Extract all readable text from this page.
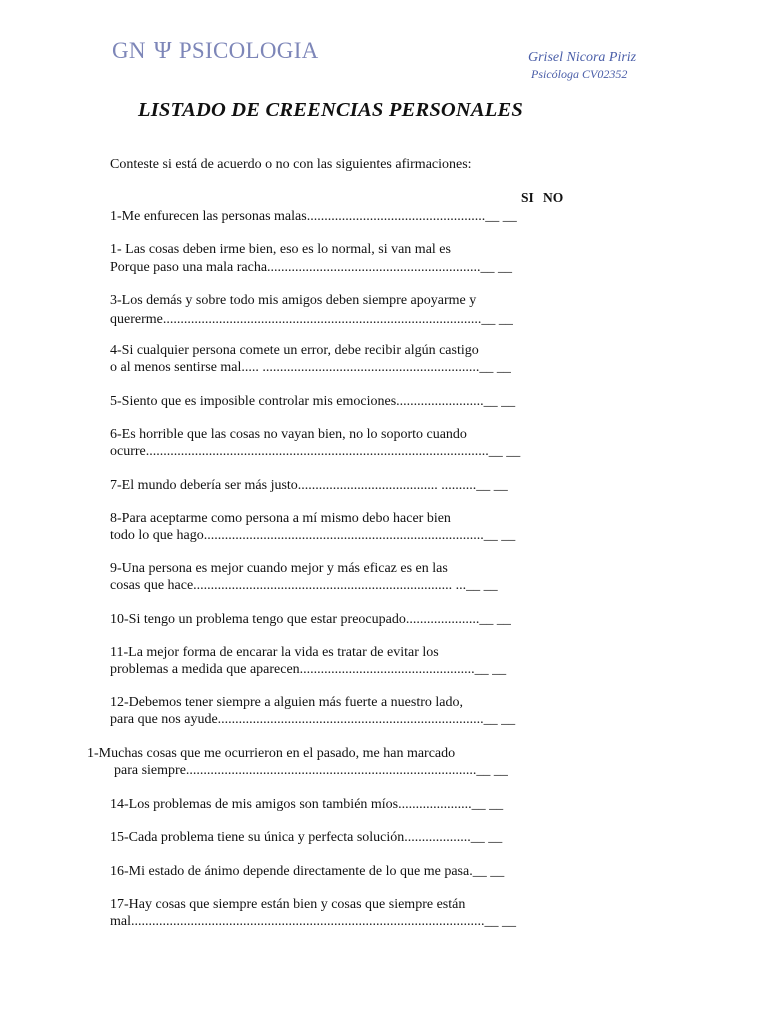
GN Ψ PSICOLOGIA	Grisel Nicora Piriz
Psicóloga CV02352
LISTADO DE CREENCIAS PERSONALES
Conteste si está de acuerdo o no con las siguientes afirmaciones:
SI NO
1-Me enfurecen las personas malas...................................................__ __
1- Las cosas deben irme bien, eso es lo normal, si van mal es
Porque paso una mala racha.............................................................__ __
3-Los demás y sobre todo mis amigos deben siempre apoyarme y
quererme...........................................................................................__ __
4-Si cualquier persona comete un error, debe recibir algún castigo
o al menos sentirse mal..... ..............................................................__ __
5-Siento que es imposible controlar mis emociones.........................__ __
6-Es horrible que las cosas no vayan bien, no lo soporto cuando
ocurre..................................................................................................__ __
7-El mundo debería ser más justo........................................ ..........__ __
8-Para aceptarme como persona a mí mismo debo hacer bien
todo lo que hago................................................................................__ __
9-Una persona es mejor cuando mejor y más eficaz es en las
cosas que hace.......................................................................... ...__ __
10-Si tengo un problema tengo que estar preocupado.....................__ __
11-La mejor forma de encarar la vida es tratar de evitar los
problemas a medida que aparecen..................................................__ __
12-Debemos tener siempre a alguien más fuerte a nuestro lado,
para que nos ayude............................................................................__ __
1-Muchas cosas que me ocurrieron en el pasado, me han marcado
para siempre...................................................................................__ __
14-Los problemas de mis amigos son también míos.....................__ __
15-Cada problema tiene su única y perfecta solución...................__ __
16-Mi estado de ánimo depende directamente de lo que me pasa.__ __
17-Hay cosas que siempre están bien y cosas que siempre están
mal.....................................................................................................__ __
